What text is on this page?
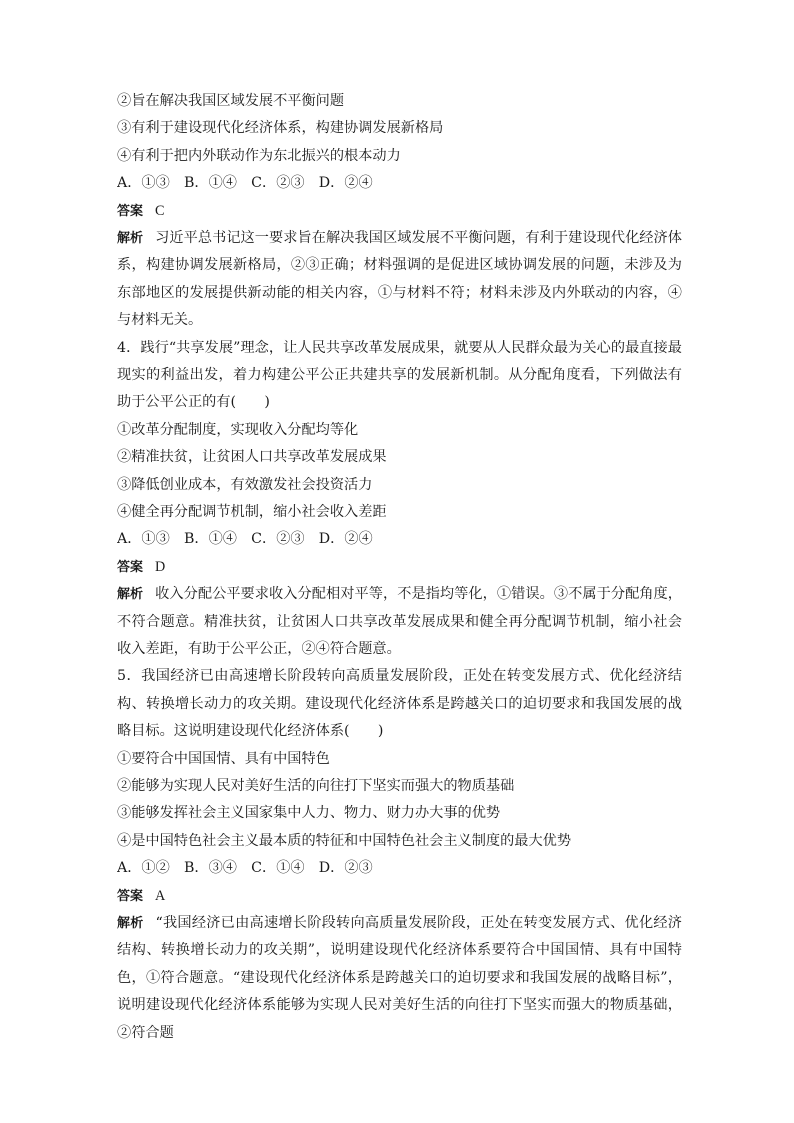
②旨在解决我国区域发展不平衡问题
③有利于建设现代化经济体系，构建协调发展新格局
④有利于把内外联动作为东北振兴的根本动力
A．①③　B．①④　C．②③　D．②④
答案 C
解析 习近平总书记这一要求旨在解决我国区域发展不平衡问题，有利于建设现代化经济体系，构建协调发展新格局，②③正确；材料强调的是促进区域协调发展的问题，未涉及为东部地区的发展提供新动能的相关内容，①与材料不符；材料未涉及内外联动的内容，④与材料无关。
4．践行“共享发展”理念，让人民共享改革发展成果，就要从人民群众最为关心的最直接最现实的利益出发，着力构建公平公正共建共享的发展新机制。从分配角度看，下列做法有助于公平公正的有(　　)
①改革分配制度，实现收入分配均等化
②精准扶贫，让贫困人口共享改革发展成果
③降低创业成本，有效激发社会投资活力
④健全再分配调节机制，缩小社会收入差距
A．①③　B．①④　C．②③　D．②④
答案 D
解析 收入分配公平要求收入分配相对平等，不是指均等化，①错误。③不属于分配角度，不符合题意。精准扶贫，让贫困人口共享改革发展成果和健全再分配调节机制，缩小社会收入差距，有助于公平公正，②④符合题意。
5．我国经济已由高速增长阶段转向高质量发展阶段，正处在转变发展方式、优化经济结构、转换增长动力的攻关期。建设现代化经济体系是跨越关口的迫切要求和我国发展的战略目标。这说明建设现代化经济体系(　　)
①要符合中国国情、具有中国特色
②能够为实现人民对美好生活的向往打下坚实而强大的物质基础
③能够发挥社会主义国家集中人力、物力、财力办大事的优势
④是中国特色社会主义最本质的特征和中国特色社会主义制度的最大优势
A．①②　B．③④　C．①④　D．②③
答案 A
解析 “我国经济已由高速增长阶段转向高质量发展阶段，正处在转变发展方式、优化经济结构、转换增长动力的攻关期”，说明建设现代化经济体系要符合中国国情、具有中国特色，①符合题意。“建设现代化经济体系是跨越关口的迫切要求和我国发展的战略目标”，说明建设现代化经济体系能够为实现人民对美好生活的向往打下坚实而强大的物质基础，②符合题
